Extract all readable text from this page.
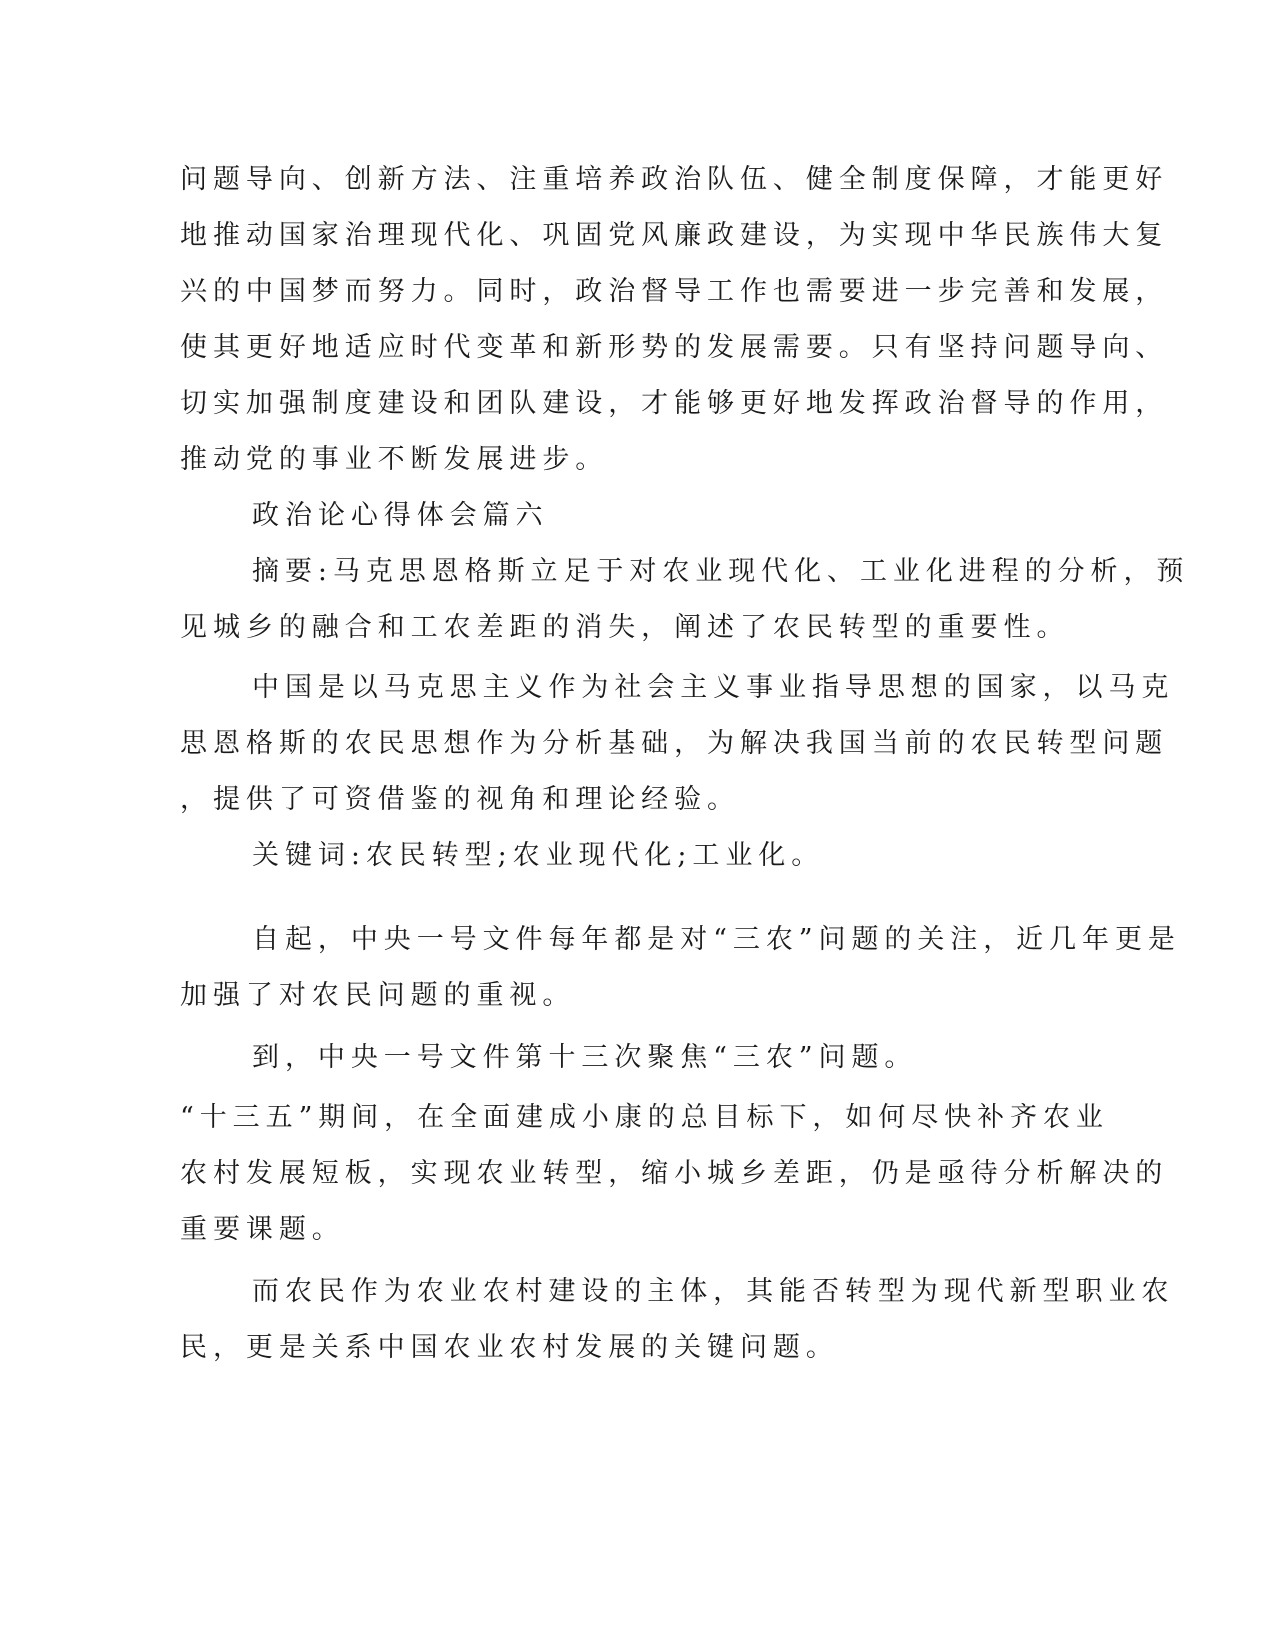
问题导向、创新方法、注重培养政治队伍、健全制度保障，才能更好
地推动国家治理现代化、巩固党风廉政建设，为实现中华民族伟大复
兴的中国梦而努力。同时，政治督导工作也需要进一步完善和发展，
使其更好地适应时代变革和新形势的发展需要。只有坚持问题导向、
切实加强制度建设和团队建设，才能够更好地发挥政治督导的作用，
推动党的事业不断发展进步。
政治论心得体会篇六
摘要:马克思恩格斯立足于对农业现代化、工业化进程的分析，预
见城乡的融合和工农差距的消失，阐述了农民转型的重要性。
中国是以马克思主义作为社会主义事业指导思想的国家，以马克
思恩格斯的农民思想作为分析基础，为解决我国当前的农民转型问题
，提供了可资借鉴的视角和理论经验。
关键词:农民转型;农业现代化;工业化。
自起，中央一号文件每年都是对“三农”问题的关注，近几年更是
加强了对农民问题的重视。
到，中央一号文件第十三次聚焦“三农”问题。
“十三五”期间，在全面建成小康的总目标下，如何尽快补齐农业
农村发展短板，实现农业转型，缩小城乡差距，仍是亟待分析解决的
重要课题。
而农民作为农业农村建设的主体，其能否转型为现代新型职业农
民，更是关系中国农业农村发展的关键问题。
